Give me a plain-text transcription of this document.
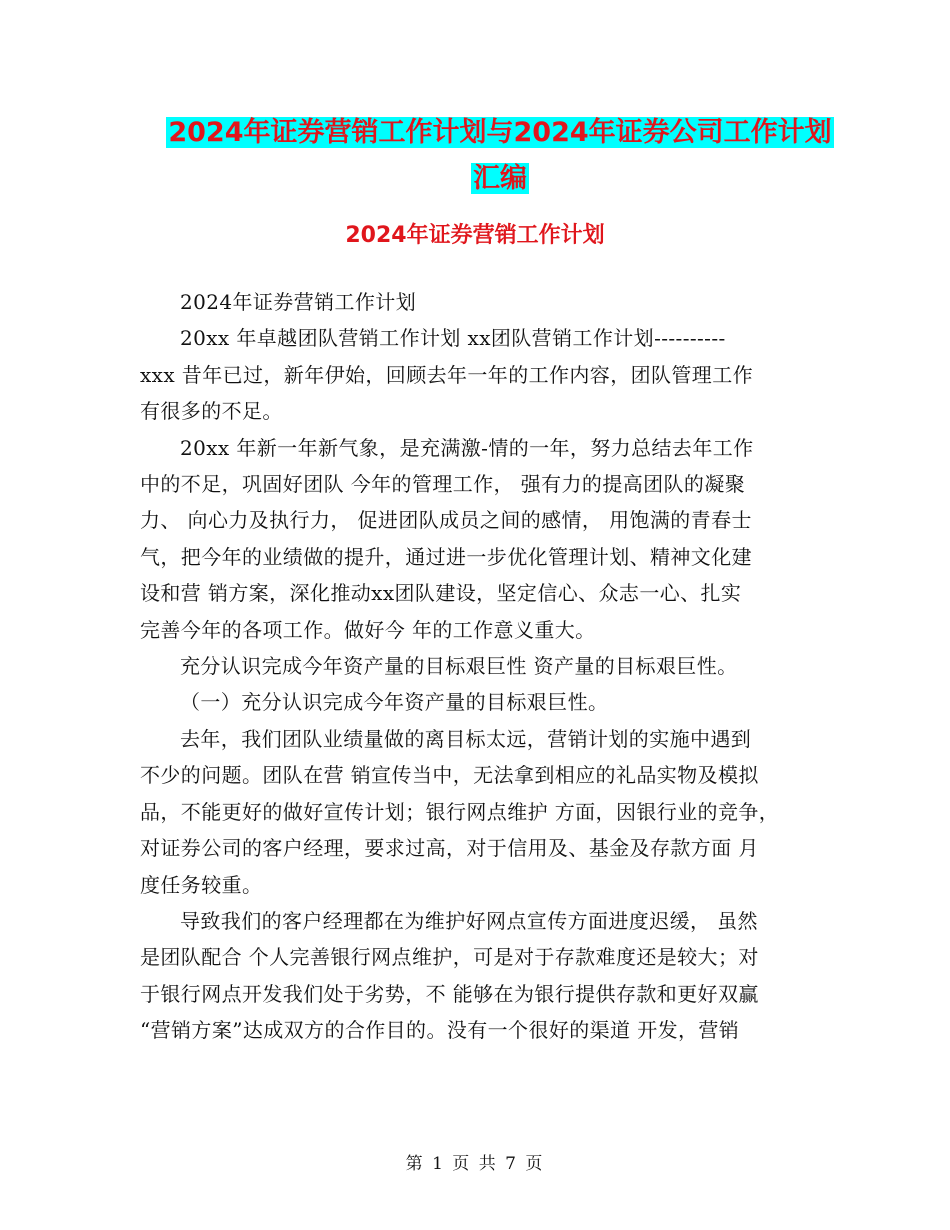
2024年证券营销工作计划与2024年证券公司工作计划
汇编
2024年证券营销工作计划

2024年证券营销工作计划

20xx 年卓越团队营销工作计划 xx团队营销工作计划----------
xxx 昔年已过，新年伊始，回顾去年一年的工作内容，团队管理工作
有很多的不足。

20xx 年新一年新气象，是充满激-情的一年，努力总结去年工作
中的不足，巩固好团队 今年的管理工作， 强有力的提高团队的凝聚
力、 向心力及执行力， 促进团队成员之间的感情， 用饱满的青春士
气，把今年的业绩做的提升，通过进一步优化管理计划、精神文化建
设和营 销方案，深化推动xx团队建设，坚定信心、众志一心、扎实
完善今年的各项工作。做好今 年的工作意义重大。

充分认识完成今年资产量的目标艰巨性 资产量的目标艰巨性。

（一）充分认识完成今年资产量的目标艰巨性。

去年，我们团队业绩量做的离目标太远，营销计划的实施中遇到
不少的问题。团队在营 销宣传当中，无法拿到相应的礼品实物及模拟
品，不能更好的做好宣传计划；银行网点维护 方面，因银行业的竞争，
对证券公司的客户经理，要求过高，对于信用及、基金及存款方面 月
度任务较重。

导致我们的客户经理都在为维护好网点宣传方面进度迟缓， 虽然
是团队配合 个人完善银行网点维护，可是对于存款难度还是较大；对
于银行网点开发我们处于劣势，不 能够在为银行提供存款和更好双赢
“营销方案”达成双方的合作目的。没有一个很好的渠道 开发，营销

第 1 页 共 7 页
